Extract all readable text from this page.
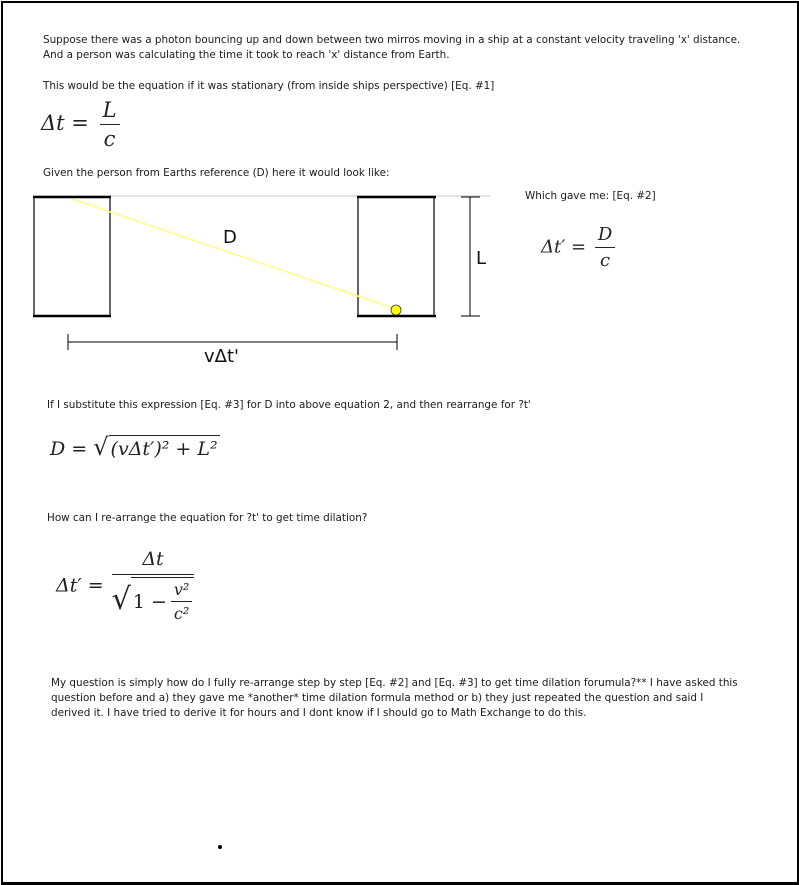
Suppose there was a photon bouncing up and down between two mirros moving in a ship at a constant velocity traveling 'x' distance.
And a person was calculating the time it took to reach 'x' distance from Earth.
This would be the equation if it was stationary (from inside ships perspective) [Eq. #1]
$\Delta t = \frac{L}{c}$
Given the person from Earths reference (D) here it would look like:
D
L
vΔt'
Which gave me: [Eq. #2]
$\Delta t' = \frac{D}{c}$
If I substitute this expression [Eq. #3] for D into above equation 2, and then rearrange for ?t'
D = √ (vΔt′)² + L²
How can I re-arrange the equation for ?t' to get time dilation?
Δt′ =
Δt
√ $1 - \frac{\text{v²}}{\text{c²}}$
My question is simply how do I fully re-arrange step by step [Eq. #2] and [Eq. #3] to get time dilation forumula?** I have asked this
question before and a) they gave me *another* time dilation formula method or b) they just repeated the question and said I
derived it. I have tried to derive it for hours and I dont know if I should go to Math Exchange to do this.
